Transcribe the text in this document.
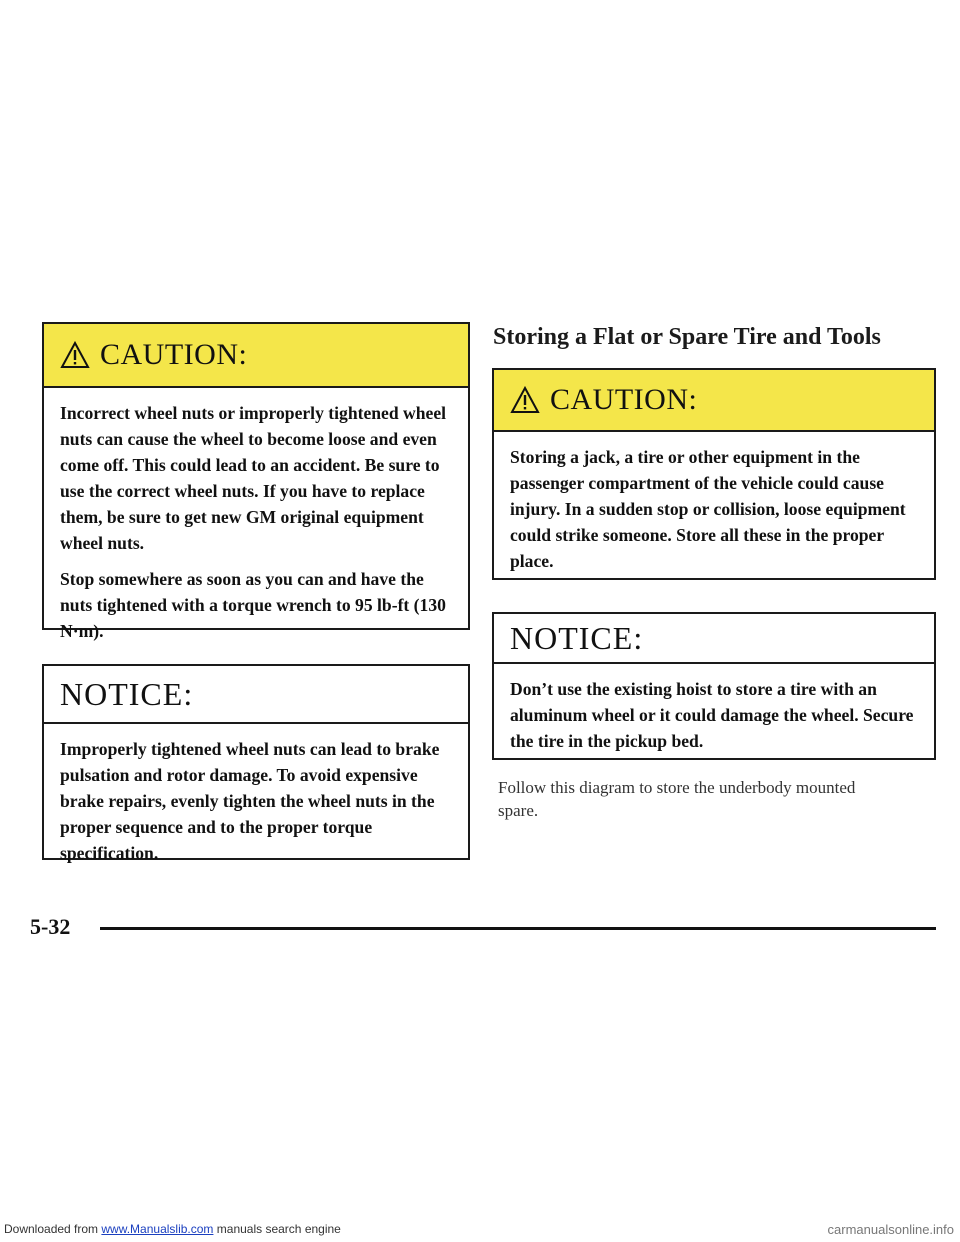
CAUTION:

Incorrect wheel nuts or improperly tightened wheel nuts can cause the wheel to become loose and even come off. This could lead to an accident. Be sure to use the correct wheel nuts. If you have to replace them, be sure to get new GM original equipment wheel nuts.

Stop somewhere as soon as you can and have the nuts tightened with a torque wrench to 95 lb-ft (130 N·m).

NOTICE:

Improperly tightened wheel nuts can lead to brake pulsation and rotor damage. To avoid expensive brake repairs, evenly tighten the wheel nuts in the proper sequence and to the proper torque specification.

Storing a Flat or Spare Tire and Tools
CAUTION:

Storing a jack, a tire or other equipment in the passenger compartment of the vehicle could cause injury. In a sudden stop or collision, loose equipment could strike someone. Store all these in the proper place.

NOTICE:

Don’t use the existing hoist to store a tire with an aluminum wheel or it could damage the wheel. Secure the tire in the pickup bed.

Follow this diagram to store the underbody mounted spare.
5-32
Downloaded from www.Manualslib.com manuals search engine	carmanualsonline.info
